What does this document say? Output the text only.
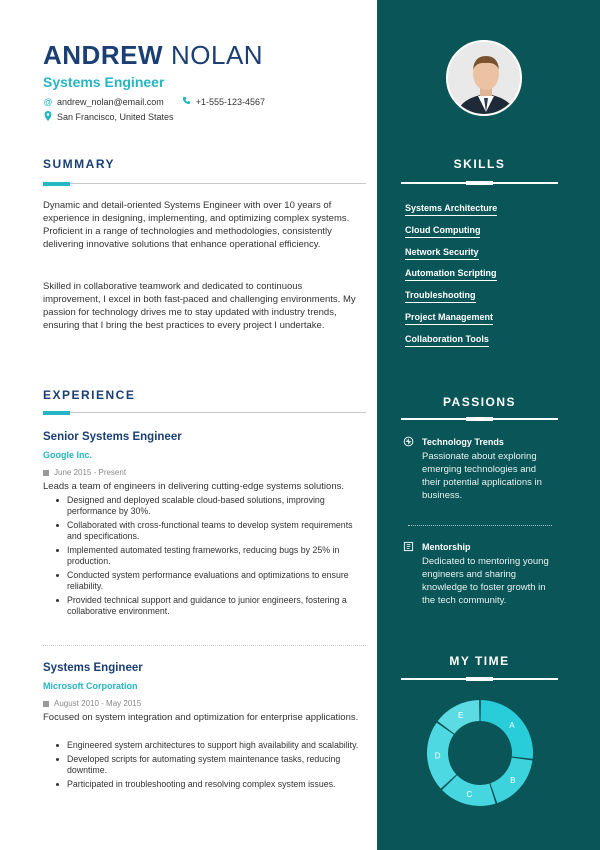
ANDREW NOLAN
Systems Engineer
@ andrew_nolan@email.com	+1-555-123-4567
San Francisco, United States
SUMMARY
Dynamic and detail-oriented Systems Engineer with over 10 years of experience in designing, implementing, and optimizing complex systems. Proficient in a range of technologies and methodologies, consistently delivering innovative solutions that enhance operational efficiency.
Skilled in collaborative teamwork and dedicated to continuous improvement, I excel in both fast-paced and challenging environments. My passion for technology drives me to stay updated with industry trends, ensuring that I bring the best practices to every project I undertake.
EXPERIENCE
Senior Systems Engineer
Google Inc.
June 2015 - Present
Leads a team of engineers in delivering cutting-edge systems solutions.
Designed and deployed scalable cloud-based solutions, improving performance by 30%.
Collaborated with cross-functional teams to develop system requirements and specifications.
Implemented automated testing frameworks, reducing bugs by 25% in production.
Conducted system performance evaluations and optimizations to ensure reliability.
Provided technical support and guidance to junior engineers, fostering a collaborative environment.
Systems Engineer
Microsoft Corporation
August 2010 - May 2015
Focused on system integration and optimization for enterprise applications.
Engineered system architectures to support high availability and scalability.
Developed scripts for automating system maintenance tasks, reducing downtime.
Participated in troubleshooting and resolving complex system issues.
SKILLS
Systems Architecture
Cloud Computing
Network Security
Automation Scripting
Troubleshooting
Project Management
Collaboration Tools
PASSIONS
Technology Trends
Passionate about exploring emerging technologies and their potential applications in business.
Mentorship
Dedicated to mentoring young engineers and sharing knowledge to foster growth in the tech community.
MY TIME
A
B
C
D
E
